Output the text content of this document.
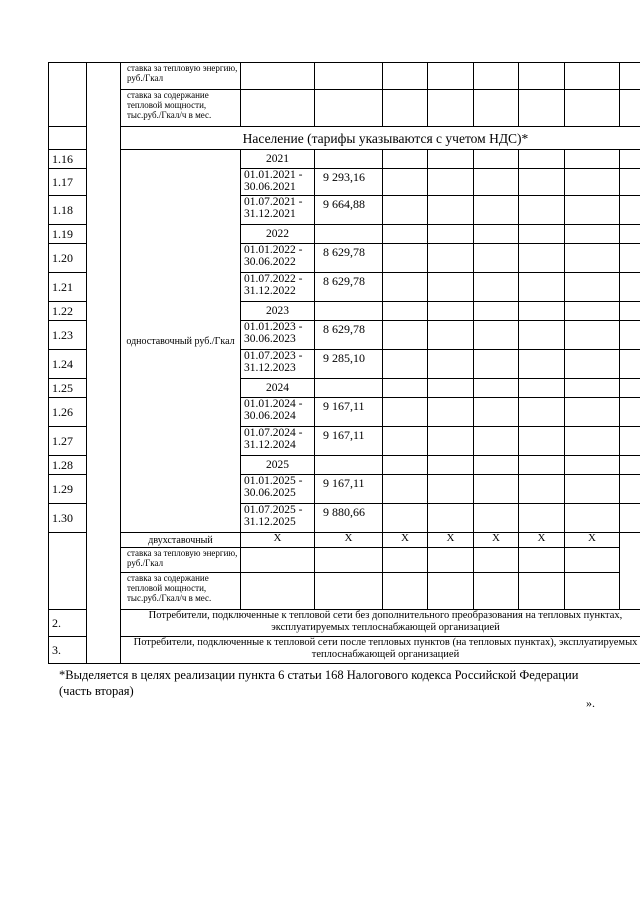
		ставка за тепловую энергию, руб./Гкал								
		ставка за содержание тепловой мощности, тыс.руб./Гкал/ч в мес.								
		Население (тарифы указываются с учетом НДС)*								
1.16		одноставочный руб./Гкал	2021							
1.17			01.01.2021 - 30.06.2021	9 293,16						
1.18			01.07.2021 - 31.12.2021	9 664,88						
1.19			2022							
1.20			01.01.2022 - 30.06.2022	8 629,78						
1.21			01.07.2022 - 31.12.2022	8 629,78						
1.22			2023							
1.23			01.01.2023 - 30.06.2023	8 629,78						
1.24			01.07.2023 - 31.12.2023	9 285,10						
1.25			2024							
1.26			01.01.2024 - 30.06.2024	9 167,11						
1.27			01.07.2024 - 31.12.2024	9 167,11						
1.28			2025							
1.29			01.01.2025 - 30.06.2025	9 167,11						
1.30			01.07.2025 - 31.12.2025	9 880,66						
		двухставочный	X	X	X	X	X	X	X	
		ставка за тепловую энергию, руб./Гкал								
		ставка за содержание тепловой мощности, тыс.руб./Гкал/ч в мес.								
2.		Потребители, подключенные к тепловой сети без дополнительного преобразования на тепловых пунктах, эксплуатируемых теплоснабжающей организацией								
3.		Потребители, подключенные к тепловой сети после тепловых пунктов (на тепловых пунктах), эксплуатируемых теплоснабжающей организацией								
*Выделяется в целях реализации пункта 6 статьи 168 Налогового кодекса Российской Федерации (часть вторая)
».
